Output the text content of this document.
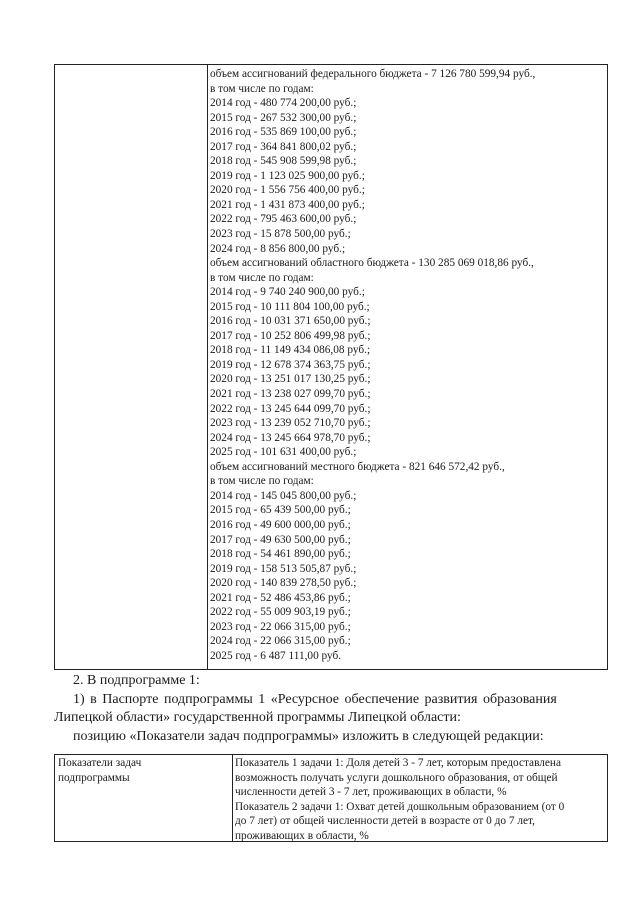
объем ассигнований федерального бюджета - 7 126 780 599,94 руб.,
в том числе по годам:
2014 год - 480 774 200,00 руб.;
2015 год - 267 532 300,00 руб.;
2016 год - 535 869 100,00 руб.;
2017 год - 364 841 800,02 руб.;
2018 год - 545 908 599,98 руб.;
2019 год - 1 123 025 900,00 руб.;
2020 год - 1 556 756 400,00 руб.;
2021 год - 1 431 873 400,00 руб.;
2022 год - 795 463 600,00 руб.;
2023 год - 15 878 500,00 руб.;
2024 год - 8 856 800,00 руб.;
объем ассигнований областного бюджета - 130 285 069 018,86 руб.,
в том числе по годам:
2014 год - 9 740 240 900,00 руб.;
2015 год - 10 111 804 100,00 руб.;
2016 год - 10 031 371 650,00 руб.;
2017 год - 10 252 806 499,98 руб.;
2018 год - 11 149 434 086,08 руб.;
2019 год - 12 678 374 363,75 руб.;
2020 год - 13 251 017 130,25 руб.;
2021 год - 13 238 027 099,70 руб.;
2022 год - 13 245 644 099,70 руб.;
2023 год - 13 239 052 710,70 руб.;
2024 год - 13 245 664 978,70 руб.;
2025 год - 101 631 400,00 руб.;
объем ассигнований местного бюджета - 821 646 572,42 руб.,
в том числе по годам:
2014 год - 145 045 800,00 руб.;
2015 год - 65 439 500,00 руб.;
2016 год - 49 600 000,00 руб.;
2017 год - 49 630 500,00 руб.;
2018 год - 54 461 890,00 руб.;
2019 год - 158 513 505,87 руб.;
2020 год - 140 839 278,50 руб.;
2021 год - 52 486 453,86 руб.;
2022 год - 55 009 903,19 руб.;
2023 год - 22 066 315,00 руб.;
2024 год - 22 066 315,00 руб.;
2025 год - 6 487 111,00 руб.
2. В подпрограмме 1:
1) в Паспорте подпрограммы 1 «Ресурсное обеспечение развития образования
Липецкой области» государственной программы Липецкой области:
позицию «Показатели задач подпрограммы» изложить в следующей редакции:
Показатели задач
подпрограммы
Показатель 1 задачи 1: Доля детей 3 - 7 лет, которым предоставлена
возможность получать услуги дошкольного образования, от общей
численности детей 3 - 7 лет, проживающих в области, %
Показатель 2 задачи 1: Охват детей дошкольным образованием (от 0
до 7 лет) от общей численности детей в возрасте от 0 до 7 лет,
проживающих в области, %
